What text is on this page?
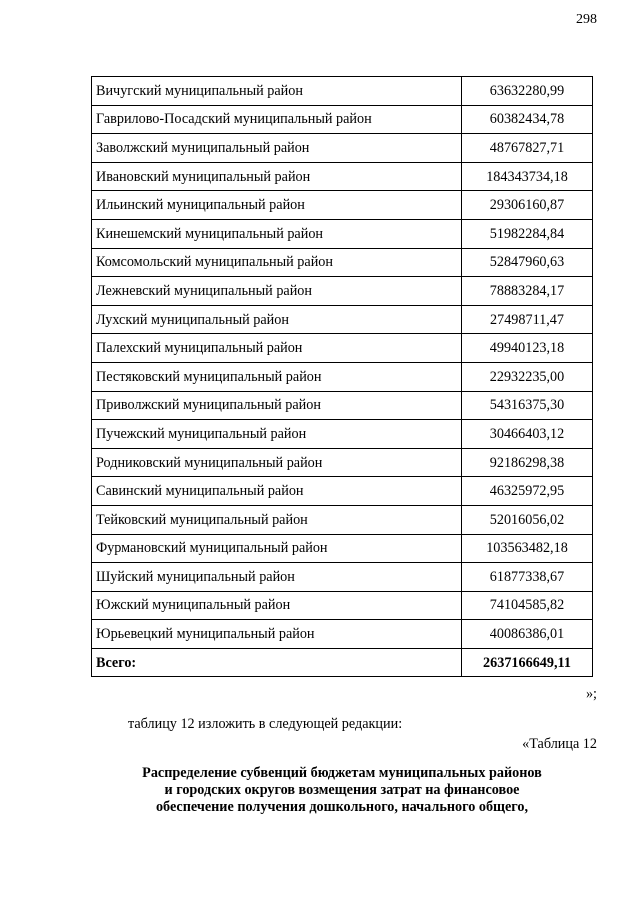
298
Вичугский муниципальный район	63632280,99
Гаврилово-Посадский муниципальный район	60382434,78
Заволжский муниципальный район	48767827,71
Ивановский муниципальный район	184343734,18
Ильинский муниципальный район	29306160,87
Кинешемский муниципальный район	51982284,84
Комсомольский муниципальный район	52847960,63
Лежневский муниципальный район	78883284,17
Лухский муниципальный район	27498711,47
Палехский муниципальный район	49940123,18
Пестяковский муниципальный район	22932235,00
Приволжский муниципальный район	54316375,30
Пучежский муниципальный район	30466403,12
Родниковский муниципальный район	92186298,38
Савинский муниципальный район	46325972,95
Тейковский муниципальный район	52016056,02
Фурмановский муниципальный район	103563482,18
Шуйский муниципальный район	61877338,67
Южский муниципальный район	74104585,82
Юрьевецкий муниципальный район	40086386,01
Всего:	2637166649,11
»;
таблицу 12 изложить в следующей редакции:
«Таблица 12
Распределение субвенций бюджетам муниципальных районов
и городских округов возмещения затрат на финансовое
обеспечение получения дошкольного, начального общего,
